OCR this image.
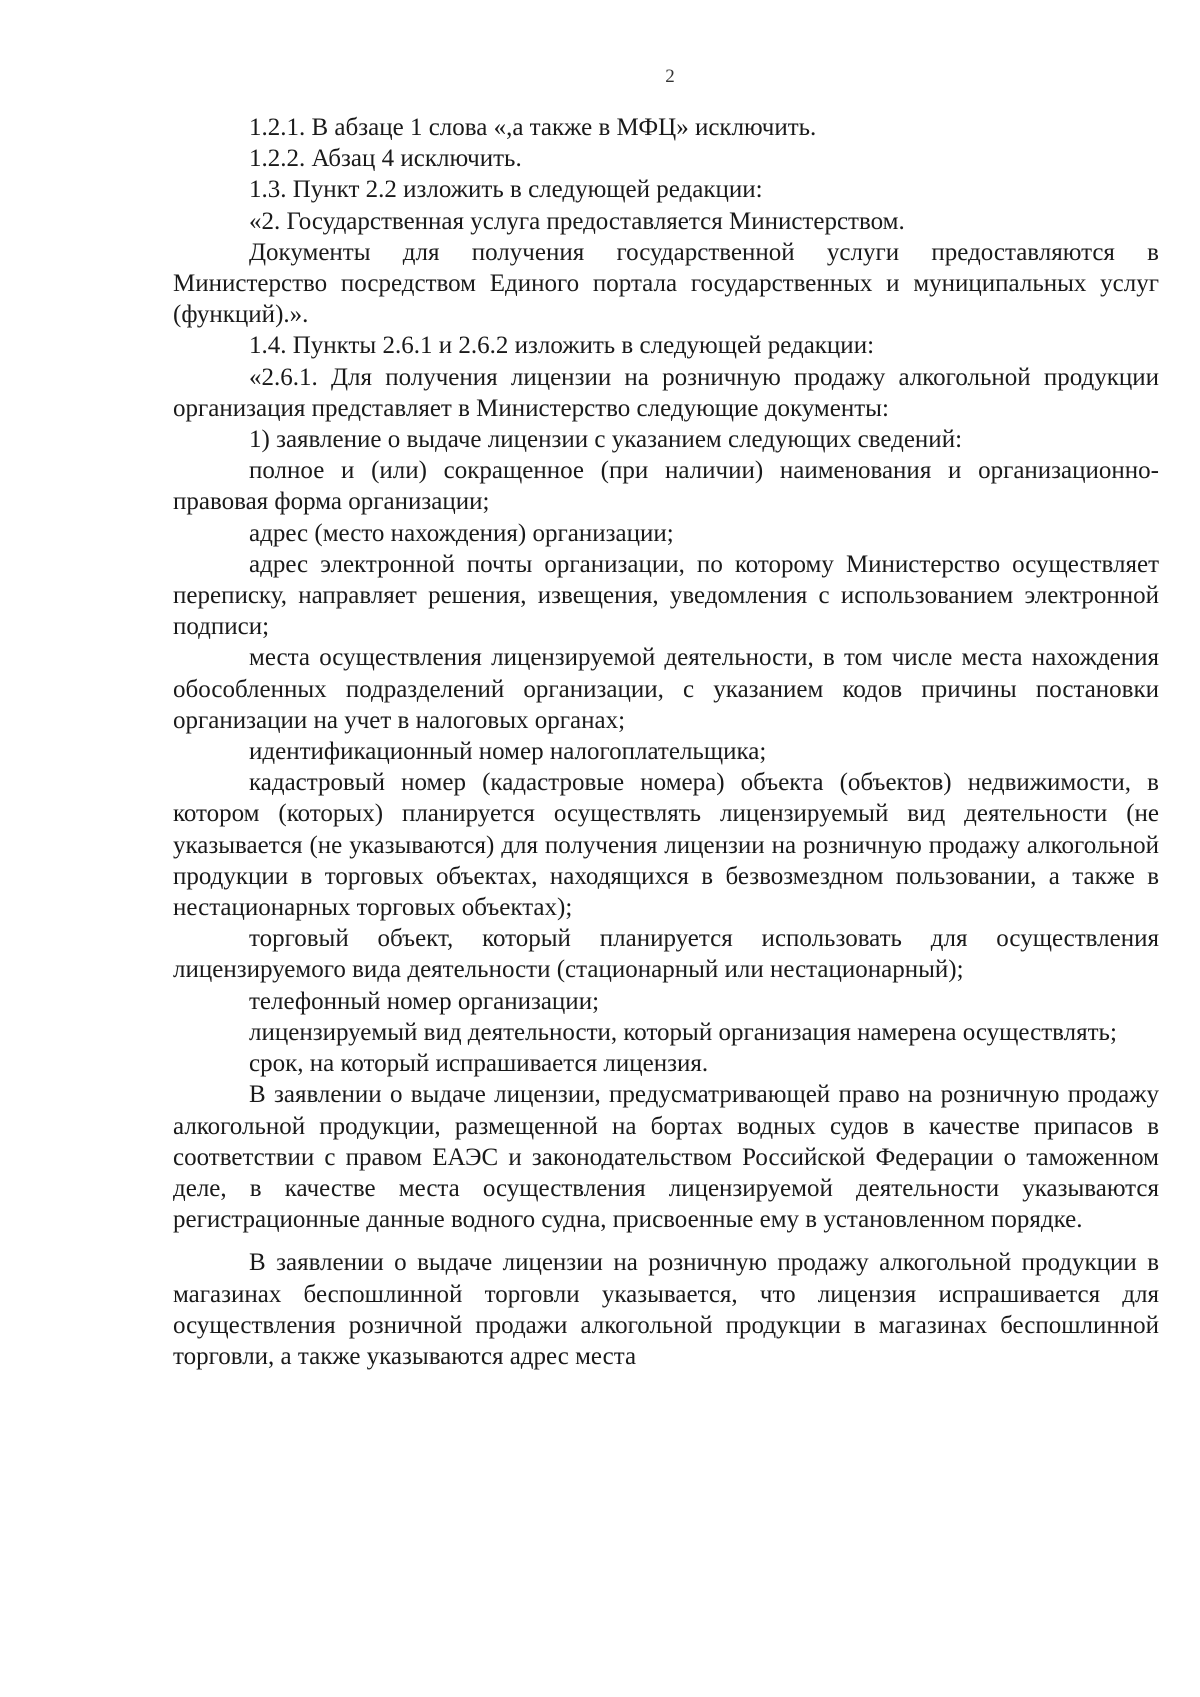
2

1.2.1. В абзаце 1 слова «,а также в МФЦ» исключить.

1.2.2. Абзац 4 исключить.

1.3. Пункт 2.2 изложить в следующей редакции:

«2. Государственная услуга предоставляется Министерством.

Документы для получения государственной услуги предоставляются в Министерство посредством Единого портала государственных и муниципальных услуг (функций).».

1.4. Пункты 2.6.1 и 2.6.2 изложить в следующей редакции:

«2.6.1. Для получения лицензии на розничную продажу алкогольной продукции организация представляет в Министерство следующие документы:

1) заявление о выдаче лицензии с указанием следующих сведений:

полное и (или) сокращенное (при наличии) наименования и организационно-правовая форма организации;

адрес (место нахождения) организации;

адрес электронной почты организации, по которому Министерство осуществляет переписку, направляет решения, извещения, уведомления с использованием электронной подписи;

места осуществления лицензируемой деятельности, в том числе места нахождения обособленных подразделений организации, с указанием кодов причины постановки организации на учет в налоговых органах;

идентификационный номер налогоплательщика;

кадастровый номер (кадастровые номера) объекта (объектов) недвижимости, в котором (которых) планируется осуществлять лицензируемый вид деятельности (не указывается (не указываются) для получения лицензии на розничную продажу алкогольной продукции в торговых объектах, находящихся в безвозмездном пользовании, а также в нестационарных торговых объектах);

торговый объект, который планируется использовать для осуществления лицензируемого вида деятельности (стационарный или нестационарный);

телефонный номер организации;

лицензируемый вид деятельности, который организация намерена осуществлять;

срок, на который испрашивается лицензия.

В заявлении о выдаче лицензии, предусматривающей право на розничную продажу алкогольной продукции, размещенной на бортах водных судов в качестве припасов в соответствии с правом ЕАЭС и законодательством Российской Федерации о таможенном деле, в качестве места осуществления лицензируемой деятельности указываются регистрационные данные водного судна, присвоенные ему в установленном порядке.

В заявлении о выдаче лицензии на розничную продажу алкогольной продукции в магазинах беспошлинной торговли указывается, что лицензия испрашивается для осуществления розничной продажи алкогольной продукции в магазинах беспошлинной торговли, а также указываются адрес места
